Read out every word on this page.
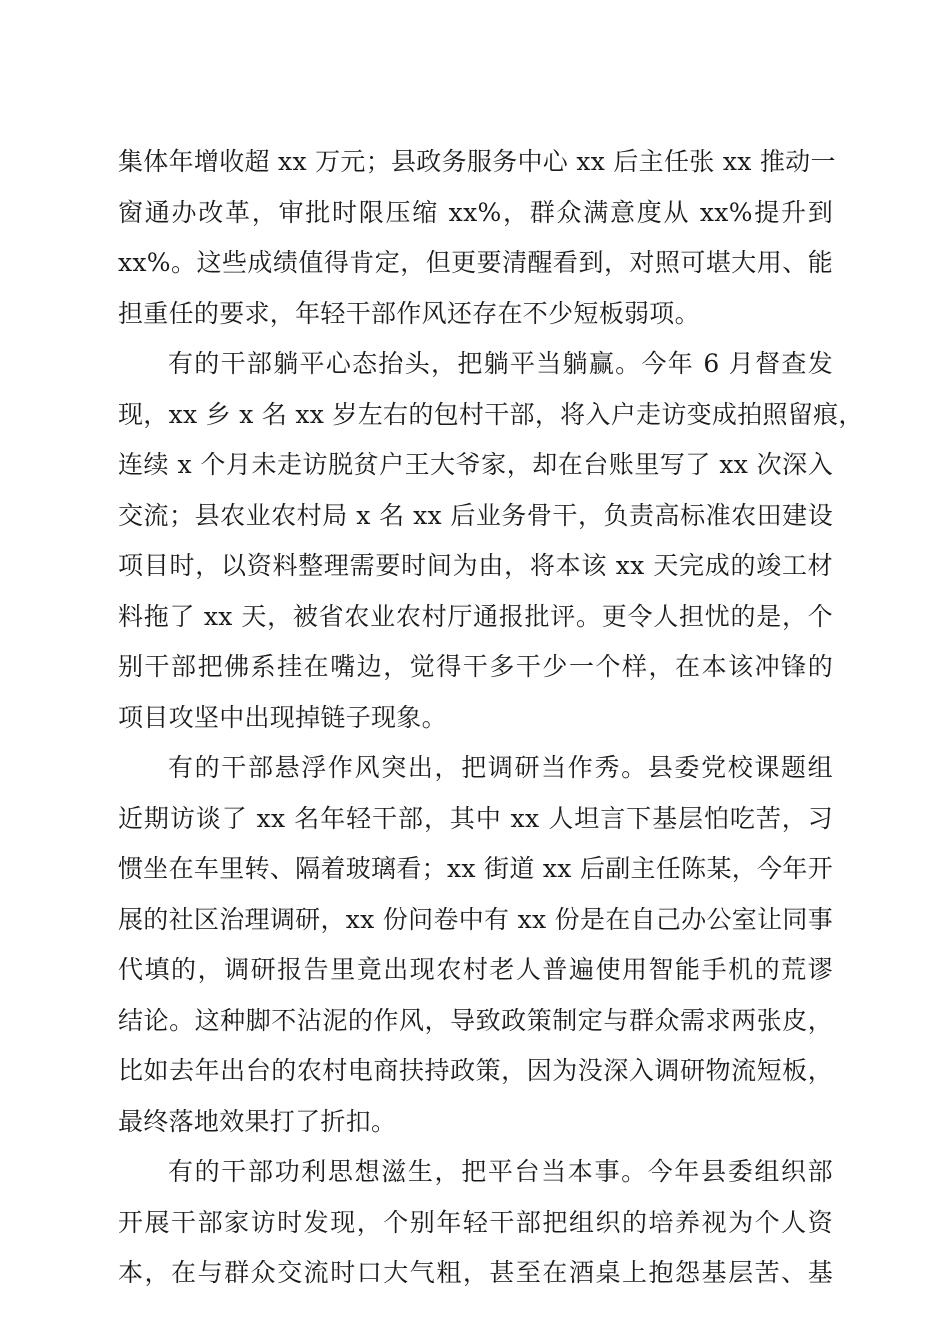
集体年增收超 xx 万元；县政务服务中心 xx 后主任张 xx 推动一
窗通办改革，审批时限压缩 xx%，群众满意度从 xx%提升到
xx%。这些成绩值得肯定，但更要清醒看到，对照可堪大用、能
担重任的要求，年轻干部作风还存在不少短板弱项。
有的干部躺平心态抬头，把躺平当躺赢。今年 6 月督查发
现，xx 乡 x 名 xx 岁左右的包村干部，将入户走访变成拍照留痕，
连续 x 个月未走访脱贫户王大爷家，却在台账里写了 xx 次深入
交流；县农业农村局 x 名 xx 后业务骨干，负责高标准农田建设
项目时，以资料整理需要时间为由，将本该 xx 天完成的竣工材
料拖了 xx 天，被省农业农村厅通报批评。更令人担忧的是，个
别干部把佛系挂在嘴边，觉得干多干少一个样，在本该冲锋的
项目攻坚中出现掉链子现象。
有的干部悬浮作风突出，把调研当作秀。县委党校课题组
近期访谈了 xx 名年轻干部，其中 xx 人坦言下基层怕吃苦，习
惯坐在车里转、隔着玻璃看；xx 街道 xx 后副主任陈某，今年开
展的社区治理调研，xx 份问卷中有 xx 份是在自己办公室让同事
代填的，调研报告里竟出现农村老人普遍使用智能手机的荒谬
结论。这种脚不沾泥的作风，导致政策制定与群众需求两张皮，
比如去年出台的农村电商扶持政策，因为没深入调研物流短板，
最终落地效果打了折扣。
有的干部功利思想滋生，把平台当本事。今年县委组织部
开展干部家访时发现，个别年轻干部把组织的培养视为个人资
本，在与群众交流时口大气粗，甚至在酒桌上抱怨基层苦、基
